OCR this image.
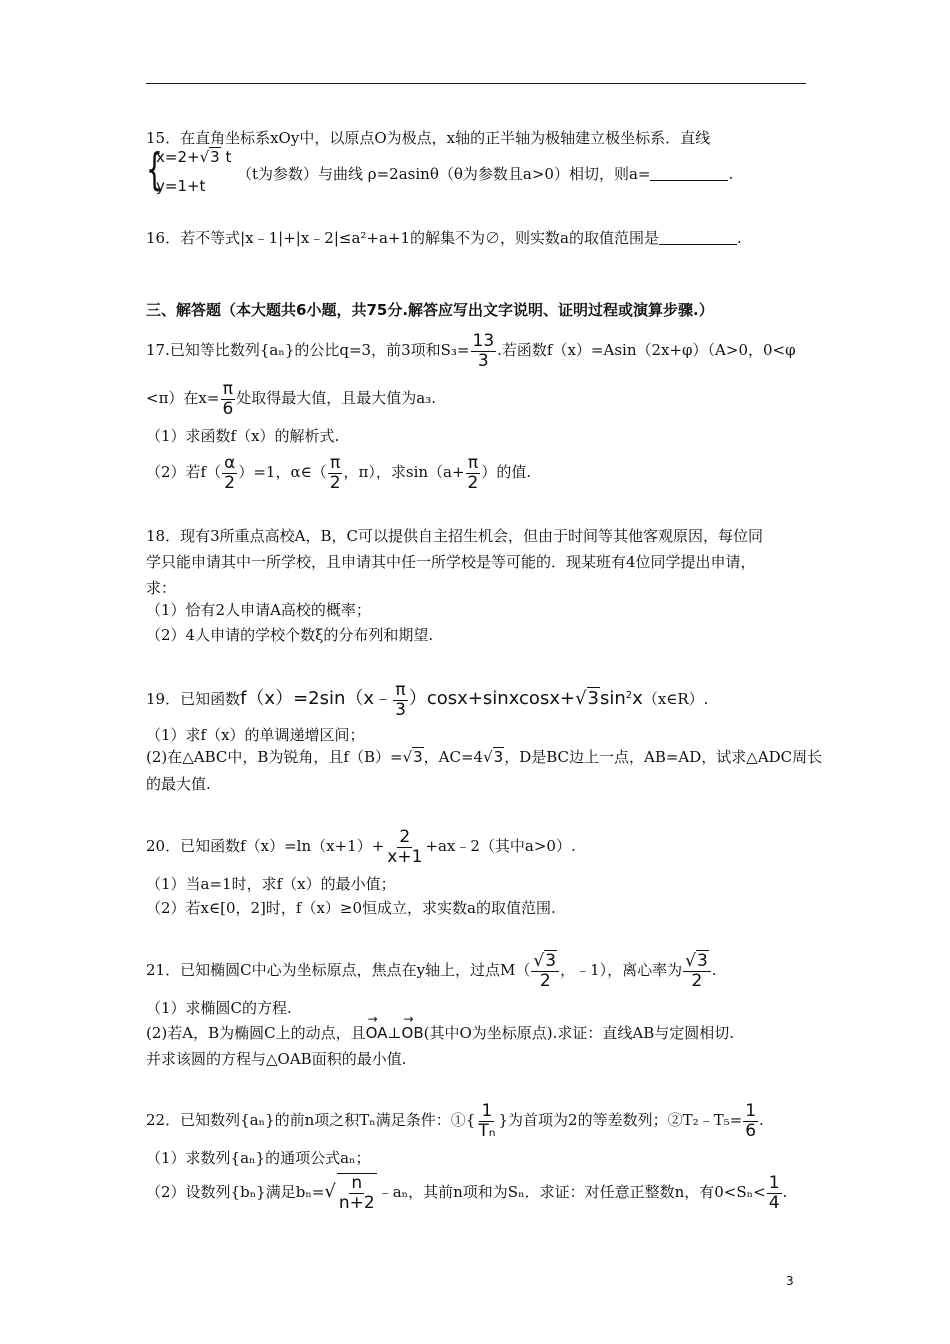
15．在直角坐标系xOy中，以原点O为极点，x轴的正半轴为极轴建立极坐标系．直线
{
x=2+√3 t
y=1+t
（t为参数）与曲线 ρ=2asinθ（θ为参数且a>0）相切，则a=	.
16．若不等式|x﹣1|+|x﹣2|≤a²+a+1的解集不为∅，则实数a的取值范围是	.
三、解答题（本大题共6小题，共75分.解答应写出文字说明、证明过程或演算步骤.）
17.已知等比数列{aₙ}的公比q=3，前3项和$S_3= \frac{13}{3}$ .若函数f（x）=Asin（2x+φ）（A>0，0<φ
<π）在$x= \frac{\pi}{6}$ 处取得最大值，且最大值为a₃.
（1）求函数f（x）的解析式.
（2）若$f( \frac{\alpha}{2} )=1$，α∈（ $\frac{\pi}{2}$ ，π），求$\sin(a+ \frac{\pi}{2}$ ）的值.
18．现有3所重点高校A，B，C可以提供自主招生机会，但由于时间等其他客观原因，每位同
学只能申请其中一所学校，且申请其中任一所学校是等可能的．现某班有4位同学提出申请，
求：
（1）恰有2人申请A高校的概率；
（2）4人申请的学校个数ξ的分布列和期望.
19．已知函数f（x）=2sin（x﹣ $\frac{\pi}{3}$ ）$\cos x+sinxcosx+√3\sin^2x(x\in R)$.
（1）求f（x）的单调递增区间；
(2)在△ABC中，B为锐角，且f（B）=√3，AC=4√3，D是BC边上一点，AB=AD，试求△ADC周长
的最大值.
20．已知函数$f(x)=\ln(x+1)+ \frac{2}{x+1}$ +ax﹣2（其中a>0）.
（1）当a=1时，求f（x）的最小值；
（2）若x∈[0，2]时，f（x）≥0恒成立，求实数a的取值范围.
21．已知椭圆C中心为坐标原点，焦点在y轴上，过点$M( \frac{√3}{2}$ ，﹣1），离心率为 $\frac{√3}{2}$ .
（1）求椭圆C的方程.
(2)若A，B为椭圆C上的动点，且→ OA⊥→ OB(其中O为坐标原点).求证：直线AB与定圆相切.
并求该圆的方程与△OAB面积的最小值.
22．已知数列{aₙ}的前n项之积Tₙ满足条件：①{ $\frac{1}{\text{Tₙ}}$ }为首项为2的等差数列；②T₂﹣T₅= $\frac{1}{6}$ .
（1）求数列{aₙ}的通项公式aₙ；
（2）设数列{bₙ}满足$b_n=√ \frac{n}{n+2}$ ﹣aₙ，其前n项和为Sₙ．求证：对任意正整数n，有$0<S_n< \frac{1}{4}$ .
3
